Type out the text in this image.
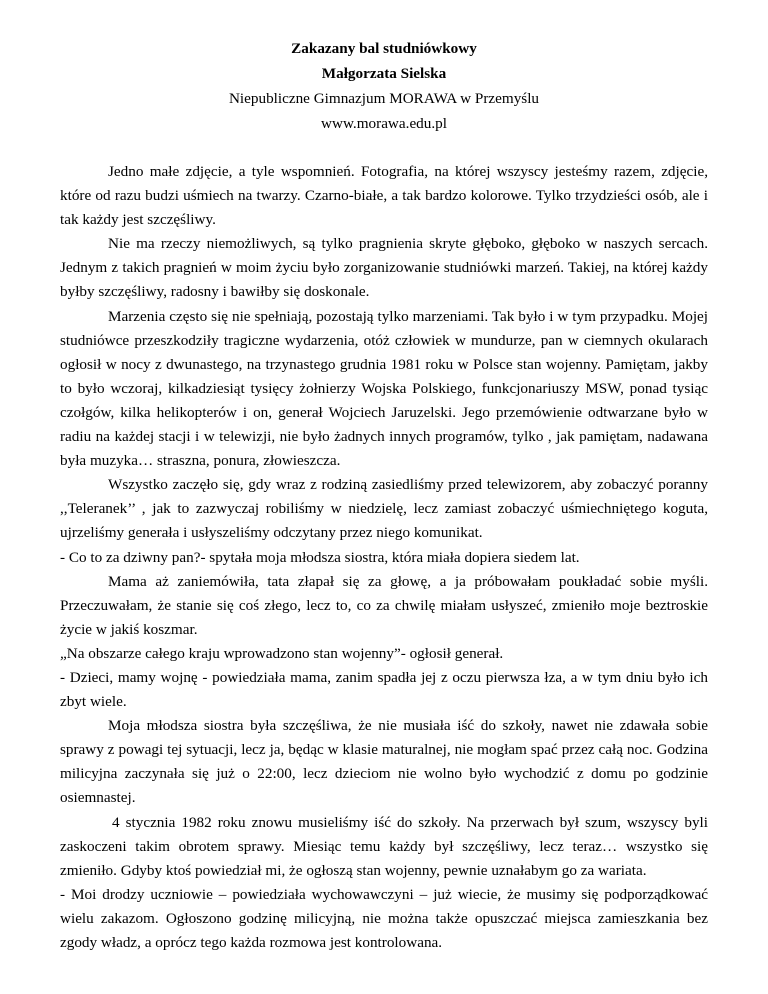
Zakazany bal studniówkowy
Małgorzata Sielska
Niepubliczne Gimnazjum MORAWA w Przemyślu
www.morawa.edu.pl

Jedno małe zdjęcie, a tyle wspomnień. Fotografia, na której wszyscy jesteśmy razem, zdjęcie, które od razu budzi uśmiech na twarzy. Czarno-białe, a tak bardzo kolorowe. Tylko trzydzieści osób, ale i tak każdy jest szczęśliwy.

Nie ma rzeczy niemożliwych, są tylko pragnienia skryte głęboko, głęboko w naszych sercach. Jednym z takich pragnień w moim życiu było zorganizowanie studniówki marzeń. Takiej, na której każdy byłby szczęśliwy, radosny i bawiłby się doskonale.

Marzenia często się nie spełniają, pozostają tylko marzeniami. Tak było i w tym przypadku. Mojej studniówce przeszkodziły tragiczne wydarzenia, otóż człowiek w mundurze, pan w ciemnych okularach ogłosił w nocy z dwunastego, na trzynastego grudnia 1981 roku w Polsce stan wojenny. Pamiętam, jakby to było wczoraj, kilkadziesiąt tysięcy żołnierzy Wojska Polskiego, funkcjonariuszy MSW, ponad tysiąc czołgów, kilka helikopterów i on, generał Wojciech Jaruzelski. Jego przemówienie odtwarzane było w radiu na każdej stacji i w telewizji, nie było żadnych innych programów, tylko , jak pamiętam, nadawana była muzyka… straszna, ponura, złowieszcza.

Wszystko zaczęło się, gdy wraz z rodziną zasiedliśmy przed telewizorem, aby zobaczyć poranny ,,Teleranek’’ , jak to zazwyczaj robiliśmy w niedzielę, lecz zamiast zobaczyć uśmiechniętego koguta, ujrzeliśmy generała i usłyszeliśmy odczytany przez niego komunikat.

- Co to za dziwny pan?- spytała moja młodsza siostra, która miała dopiera siedem lat.

Mama aż zaniemówiła, tata złapał się za głowę, a ja próbowałam poukładać sobie myśli. Przeczuwałam, że stanie się coś złego, lecz to, co za chwilę miałam usłyszeć, zmieniło moje beztroskie życie w jakiś koszmar.

„Na obszarze całego kraju wprowadzono stan wojenny”- ogłosił generał.

- Dzieci, mamy wojnę - powiedziała mama, zanim spadła jej z oczu pierwsza łza, a w tym dniu było ich zbyt wiele.

Moja młodsza siostra była szczęśliwa, że nie musiała iść do szkoły, nawet nie zdawała sobie sprawy z powagi tej sytuacji, lecz ja, będąc w klasie maturalnej, nie mogłam spać przez całą noc. Godzina milicyjna zaczynała się już o 22:00, lecz dzieciom nie wolno było wychodzić z domu po godzinie osiemnastej.

4 stycznia 1982 roku znowu musieliśmy iść do szkoły. Na przerwach był szum, wszyscy byli zaskoczeni takim obrotem sprawy. Miesiąc temu każdy był szczęśliwy, lecz teraz… wszystko się zmieniło. Gdyby ktoś powiedział mi, że ogłoszą stan wojenny, pewnie uznałabym go za wariata.

- Moi drodzy uczniowie – powiedziała wychowawczyni – już wiecie, że musimy się podporządkować wielu zakazom. Ogłoszono godzinę milicyjną, nie można także opuszczać miejsca zamieszkania bez zgody władz, a oprócz tego każda rozmowa jest kontrolowana.
